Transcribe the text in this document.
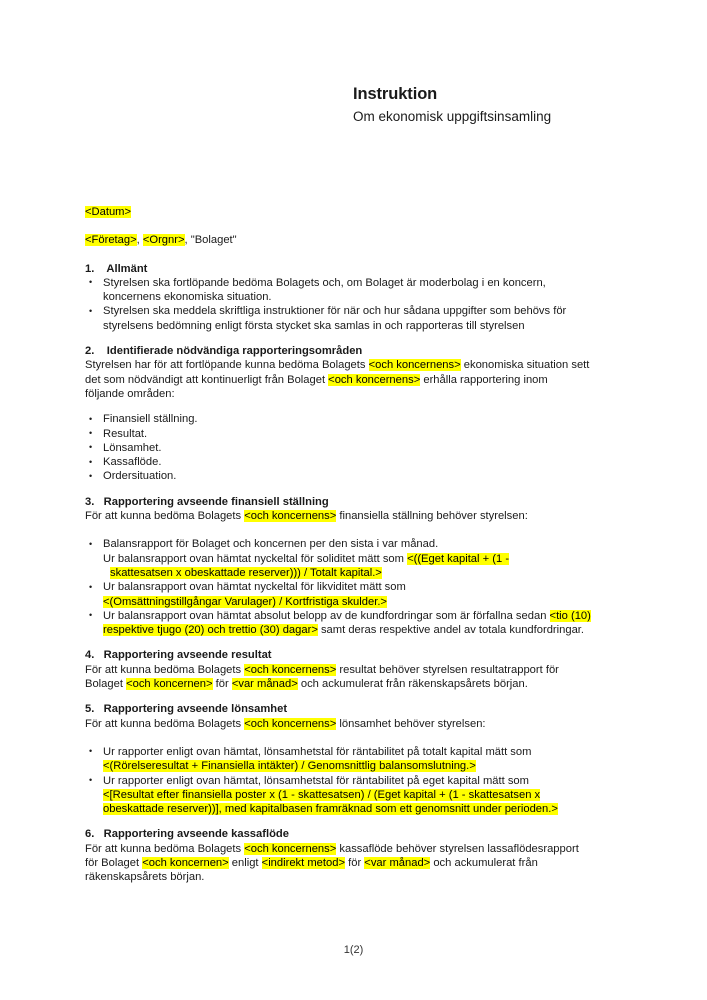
Instruktion
Om ekonomisk uppgiftsinsamling
<Datum>
<Företag>, <Orgnr>, "Bolaget"
1. Allmänt
• Styrelsen ska fortlöpande bedöma Bolagets och, om Bolaget är moderbolag i en koncern,
koncernens ekonomiska situation.
• Styrelsen ska meddela skriftliga instruktioner för när och hur sådana uppgifter som behövs för
styrelsens bedömning enligt första stycket ska samlas in och rapporteras till styrelsen
2. Identifierade nödvändiga rapporteringsområden

Styrelsen har för att fortlöpande kunna bedöma Bolagets <och koncernens> ekonomiska situation sett
det som nödvändigt att kontinuerligt från Bolaget <och koncernens> erhålla rapportering inom
följande områden:

• Finansiell ställning.
• Resultat.
• Lönsamhet.
• Kassaflöde.
• Ordersituation.
3. Rapportering avseende finansiell ställning

För att kunna bedöma Bolagets <och koncernens> finansiella ställning behöver styrelsen:

• Balansrapport för Bolaget och koncernen per den sista i var månad.
Ur balansrapport ovan hämtat nyckeltal för soliditet mätt som <((Eget kapital + (1 -
skattesatsen x obeskattade reserver))) / Totalt kapital.>
• Ur balansrapport ovan hämtat nyckeltal för likviditet mätt som
<(Omsättningstillgångar Varulager) / Kortfristiga skulder.>
• Ur balansrapport ovan hämtat absolut belopp av de kundfordringar som är förfallna sedan <tio (10)
respektive tjugo (20) och trettio (30) dagar> samt deras respektive andel av totala kundfordringar.
4. Rapportering avseende resultat

För att kunna bedöma Bolagets <och koncernens> resultat behöver styrelsen resultatrapport för
Bolaget <och koncernen> för <var månad> och ackumulerat från räkenskapsårets början.

5. Rapportering avseende lönsamhet

För att kunna bedöma Bolagets <och koncernens> lönsamhet behöver styrelsen:

• Ur rapporter enligt ovan hämtat, lönsamhetstal för räntabilitet på totalt kapital mätt som
<(Rörelseresultat + Finansiella intäkter) / Genomsnittlig balansomslutning.>
• Ur rapporter enligt ovan hämtat, lönsamhetstal för räntabilitet på eget kapital mätt som
<[Resultat efter finansiella poster x (1 - skattesatsen) / (Eget kapital + (1 - skattesatsen x
obeskattade reserver))], med kapitalbasen framräknad som ett genomsnitt under perioden.>
6. Rapportering avseende kassaflöde

För att kunna bedöma Bolagets <och koncernens> kassaflöde behöver styrelsen lassaflödesrapport
för Bolaget <och koncernen> enligt <indirekt metod> för <var månad> och ackumulerat från
räkenskapsårets början.

1(2)
